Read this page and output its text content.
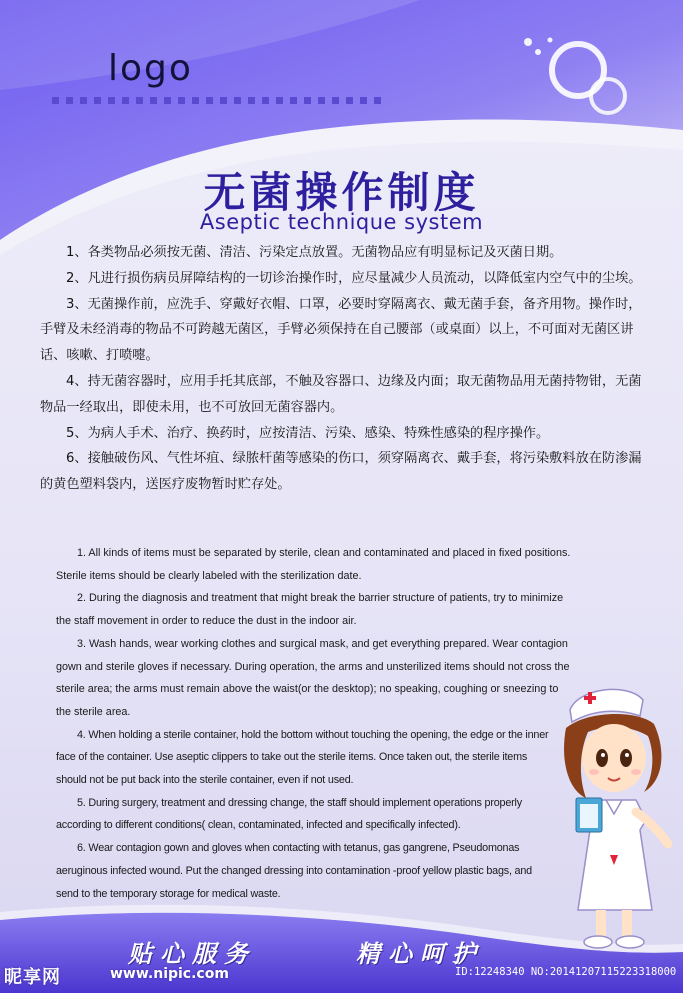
logo
无菌操作制度
Aseptic technique system

1、各类物品必须按无菌、清洁、污染定点放置。无菌物品应有明显标记及灭菌日期。

2、凡进行损伤病员屏障结构的一切诊治操作时，应尽量减少人员流动，以降低室内空气中的尘埃。

3、无菌操作前，应洗手、穿戴好衣帽、口罩，必要时穿隔离衣、戴无菌手套，备齐用物。操作时，手臂及未经消毒的物品不可跨越无菌区，手臂必须保持在自己腰部（或桌面）以上，不可面对无菌区讲话、咳嗽、打喷嚏。

4、持无菌容器时，应用手托其底部，不触及容器口、边缘及内面；取无菌物品用无菌持物钳，无菌物品一经取出，即使未用，也不可放回无菌容器内。

5、为病人手术、治疗、换药时，应按清洁、污染、感染、特殊性感染的程序操作。

6、接触破伤风、气性坏疽、绿脓杆菌等感染的伤口，须穿隔离衣、戴手套，将污染敷料放在防渗漏的黄色塑料袋内，送医疗废物暂时贮存处。

1. All kinds of items must be separated by sterile, clean and contaminated and placed in fixed positions. Sterile items should be clearly labeled with the sterilization date.

2. During the diagnosis and treatment that might break the barrier structure of patients, try to minimize the staff movement in order to reduce the dust in the indoor air.

3. Wash hands, wear working clothes and surgical mask, and get everything prepared. Wear contagion gown and sterile gloves if necessary. During operation, the arms and unsterilized items should not cross the sterile area; the arms must remain above the waist(or the desktop); no speaking, coughing or sneezing to the sterile area.

4. When holding a sterile container, hold the bottom without touching the opening, the edge or the inner face of the container. Use aseptic clippers to take out the sterile items. Once taken out, the sterile items should not be put back into the sterile container, even if not used.

5. During surgery, treatment and dressing change, the staff should implement operations properly according to different conditions( clean, contaminated, infected and specifically infected).

6. Wear contagion gown and gloves when contacting with tetanus, gas gangrene, Pseudomonas aeruginous infected wound. Put the changed dressing into contamination -proof yellow plastic bags, and send to the temporary storage for medical waste.

贴心服务	精心呵护
昵享网	www.nipic.com	ID:12248340 NO:20141207115223318000
